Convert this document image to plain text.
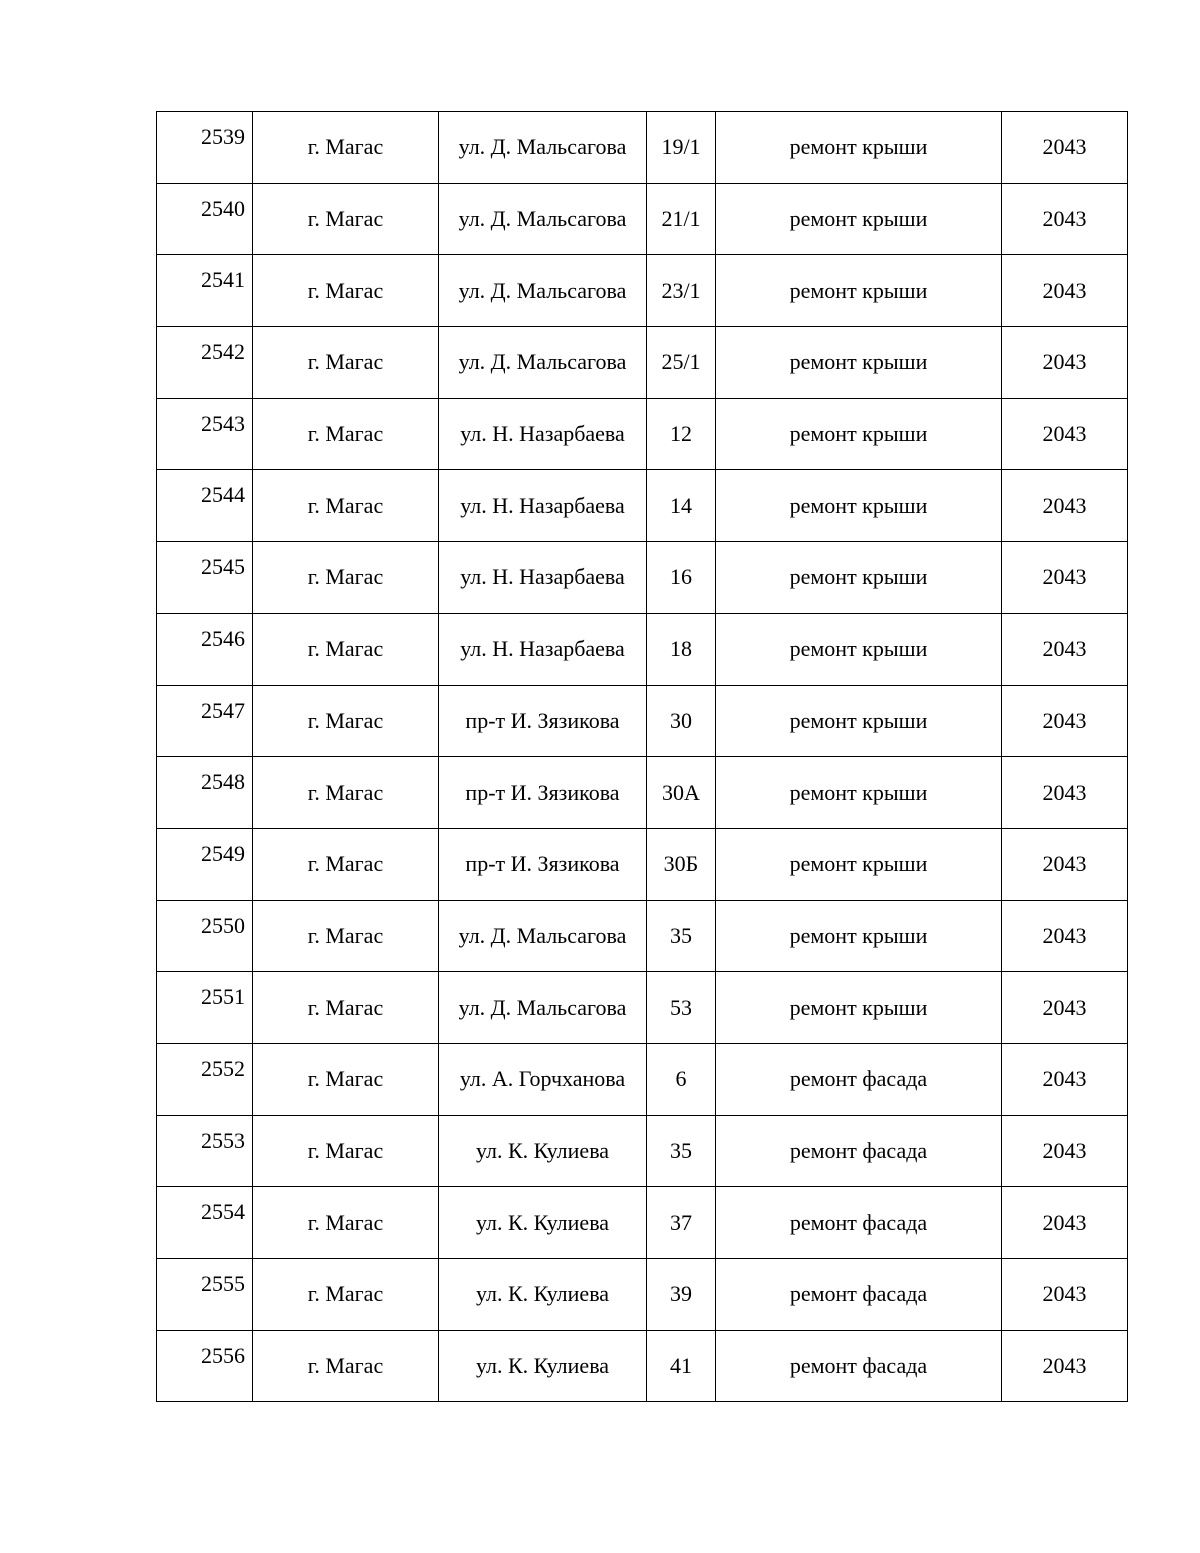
2539	г. Магас	ул. Д. Мальсагова	19/1	ремонт крыши	2043
2540	г. Магас	ул. Д. Мальсагова	21/1	ремонт крыши	2043
2541	г. Магас	ул. Д. Мальсагова	23/1	ремонт крыши	2043
2542	г. Магас	ул. Д. Мальсагова	25/1	ремонт крыши	2043
2543	г. Магас	ул. Н. Назарбаева	12	ремонт крыши	2043
2544	г. Магас	ул. Н. Назарбаева	14	ремонт крыши	2043
2545	г. Магас	ул. Н. Назарбаева	16	ремонт крыши	2043
2546	г. Магас	ул. Н. Назарбаева	18	ремонт крыши	2043
2547	г. Магас	пр-т И. Зязикова	30	ремонт крыши	2043
2548	г. Магас	пр-т И. Зязикова	30А	ремонт крыши	2043
2549	г. Магас	пр-т И. Зязикова	30Б	ремонт крыши	2043
2550	г. Магас	ул. Д. Мальсагова	35	ремонт крыши	2043
2551	г. Магас	ул. Д. Мальсагова	53	ремонт крыши	2043
2552	г. Магас	ул. А. Горчханова	6	ремонт фасада	2043
2553	г. Магас	ул. К. Кулиева	35	ремонт фасада	2043
2554	г. Магас	ул. К. Кулиева	37	ремонт фасада	2043
2555	г. Магас	ул. К. Кулиева	39	ремонт фасада	2043
2556	г. Магас	ул. К. Кулиева	41	ремонт фасада	2043
